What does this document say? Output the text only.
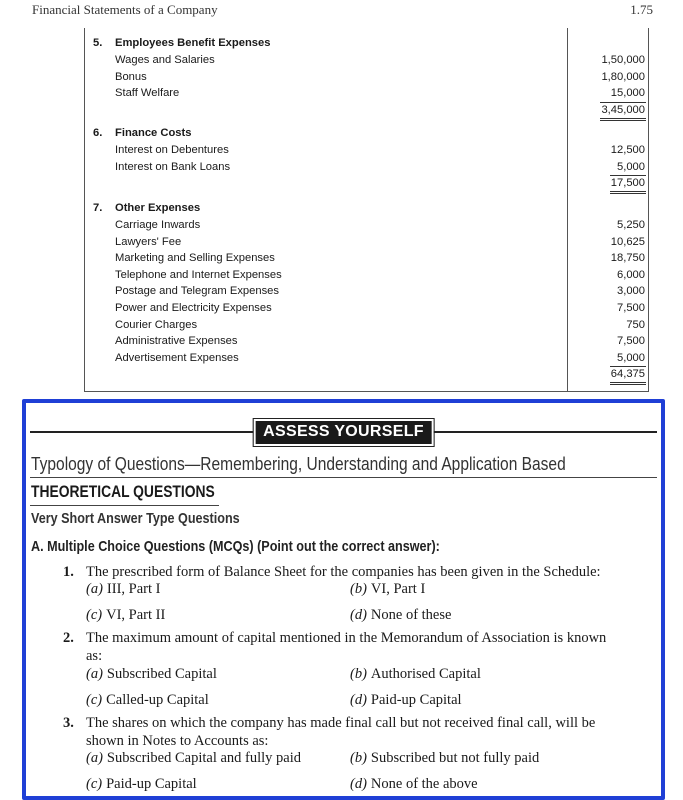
Financial Statements of a Company	1.75
5. Employees Benefit Expenses
Wages and Salaries	1,50,000
Bonus	1,80,000
Staff Welfare	15,000
3,45,000
6. Finance Costs
Interest on Debentures	12,500
Interest on Bank Loans	5,000
17,500
7. Other Expenses
Carriage Inwards	5,250
Lawyers' Fee	10,625
Marketing and Selling Expenses	18,750
Telephone and Internet Expenses	6,000
Postage and Telegram Expenses	3,000
Power and Electricity Expenses	7,500
Courier Charges	750
Administrative Expenses	7,500
Advertisement Expenses	5,000
64,375
ASSESS YOURSELF
Typology of Questions—Remembering, Understanding and Application Based
THEORETICAL QUESTIONS
Very Short Answer Type Questions
A. Multiple Choice Questions (MCQs) (Point out the correct answer):
1. The prescribed form of Balance Sheet for the companies has been given in the Schedule:
(a) III, Part I	(b) VI, Part I
(c) VI, Part II	(d) None of these
2. The maximum amount of capital mentioned in the Memorandum of Association is known
as:
(a) Subscribed Capital	(b) Authorised Capital
(c) Called-up Capital	(d) Paid-up Capital
3. The shares on which the company has made final call but not received final call, will be
shown in Notes to Accounts as:
(a) Subscribed Capital and fully paid	(b) Subscribed but not fully paid
(c) Paid-up Capital	(d) None of the above
